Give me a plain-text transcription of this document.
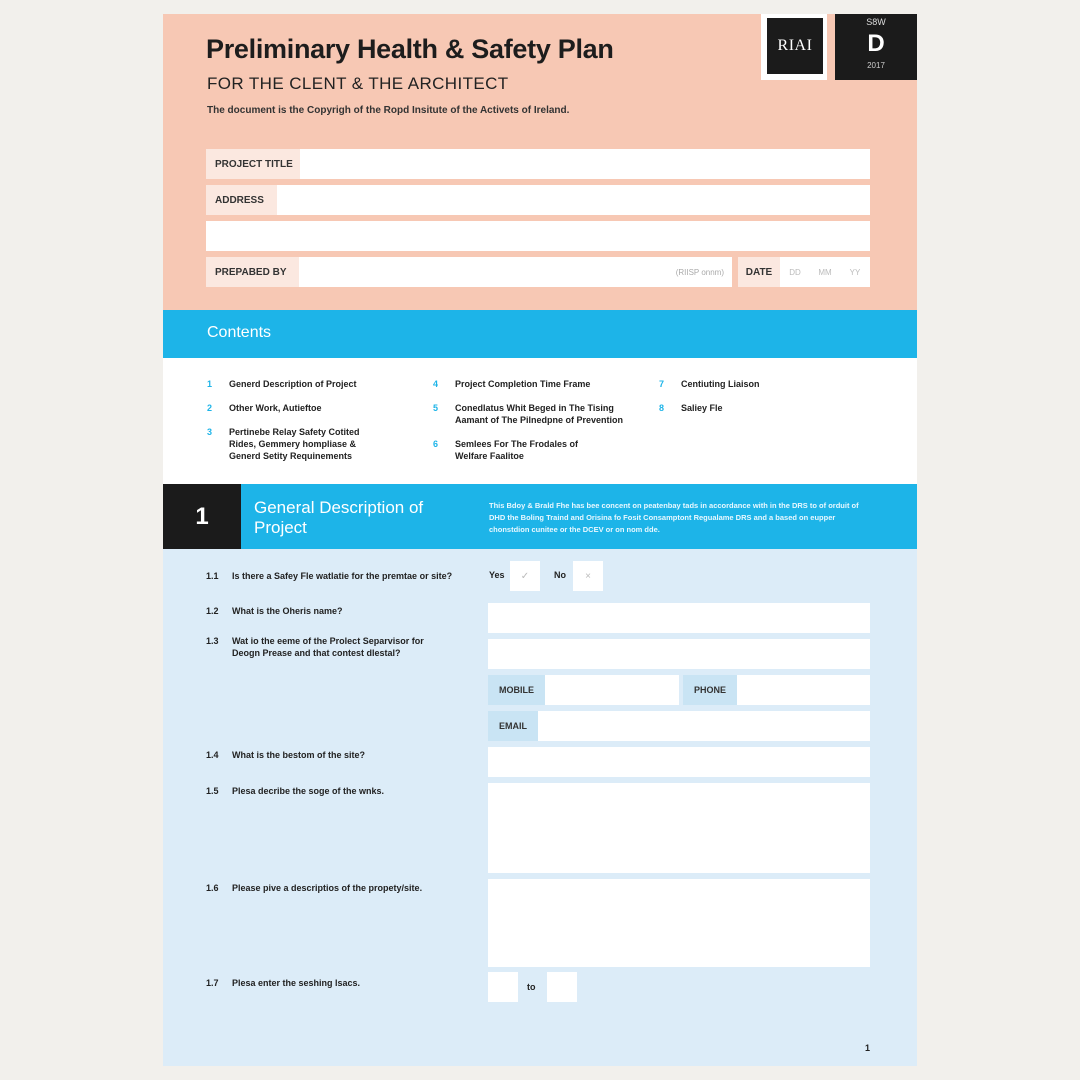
Preliminary Health & Safety Plan
FOR THE CLENT & THE ARCHITECT
The document is the Copyrigh of the Ropd Insitute of the Activets of Ireland.
RIAI
S8W
D
2017
PROJECT TITLE
ADDRESS
PREPABED BY	(RIISP onnm)	DATE	DD	MM	YY
Contents
1	Generd Description of Project
2	Other Work, Autieftoe
3	Pertinebe Relay Safety Cotited Rides, Gemmery hompliase & Generd Setity Requinements
4	Project Completion Time Frame
5	Conedlatus Whit Beged in The Tising Aamant of The Pilnedpne of Prevention
6	Semlees For The Frodales of Welfare Faalitoe
7	Centiuting Liaison
8	Saliey Fle
1	General Description of Project
This Bdoy & Brald Fhe has bee concent on peatenbay tads in accordance with in the DRS to of orduit of DHD the Boling Traind and Orisina fo Fosit Consamptont Regualame DRS and a based on eupper chonstdion cunitee or the DCEV or on nom dde.
1.1	Is there a Safey Fle watlatie for the premtae or site?	Yes	✓	No	×
1.2	What is the Oheris name?
1.3	Wat io the eeme of the Prolect Separvisor for Deogn Prease and that contest dlestal?
MOBILE	PHONE
EMAIL
1.4	What is the bestom of the site?
1.5	Plesa decribe the soge of the wnks.
1.6	Please pive a descriptios of the propety/site.
1.7	Plesa enter the seshing lsacs.	to
1
